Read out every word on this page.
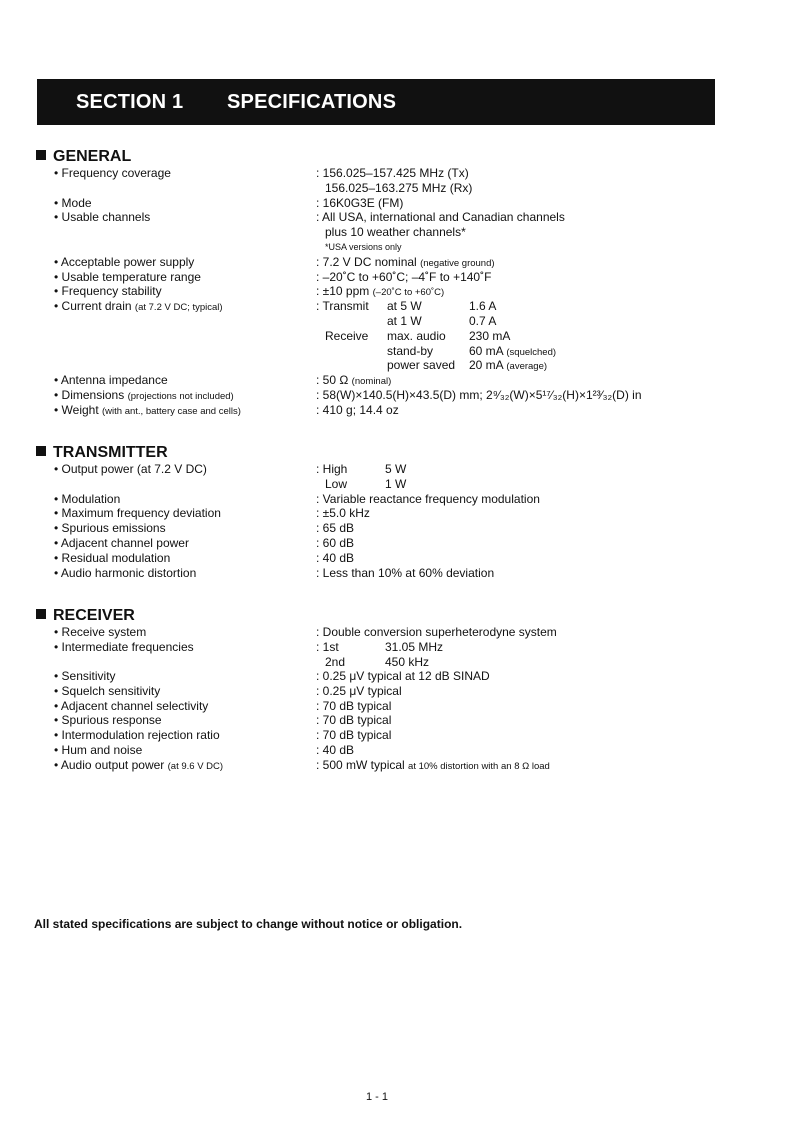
SECTION 1 SPECIFICATIONS
GENERAL
• Frequency coverage	: 156.025–157.425 MHz (Tx)
156.025–163.275 MHz (Rx)
• Mode	: 16K0G3E (FM)
• Usable channels	: All USA, international and Canadian channels
plus 10 weather channels*
*USA versions only
• Acceptable power supply	: 7.2 V DC nominal (negative ground)
• Usable temperature range	: –20˚C to +60˚C; –4˚F to +140˚F
• Frequency stability	: ±10 ppm (–20˚C to +60˚C)
• Current drain (at 7.2 V DC; typical)	: Transmit at 5 W	1.6 A
at 1 W	0.7 A
Receive max. audio 230 mA
stand-by	60 mA (squelched)
power saved 20 mA (average)
• Antenna impedance	: 50 Ω (nominal)
• Dimensions (projections not included)	: 58(W)×140.5(H)×43.5(D) mm; 2⁹⁄₃₂(W)×5¹⁷⁄₃₂(H)×1²³⁄₃₂(D) in
• Weight (with ant., battery case and cells)	: 410 g; 14.4 oz
TRANSMITTER
• Output power (at 7.2 V DC)	: High	5 W
Low	1 W
• Modulation	: Variable reactance frequency modulation
• Maximum frequency deviation	: ±5.0 kHz
• Spurious emissions	: 65 dB
• Adjacent channel power	: 60 dB
• Residual modulation	: 40 dB
• Audio harmonic distortion	: Less than 10% at 60% deviation
RECEIVER
• Receive system	: Double conversion superheterodyne system
• Intermediate frequencies	: 1st	31.05 MHz
2nd	450 kHz
• Sensitivity	: 0.25 μV typical at 12 dB SINAD
• Squelch sensitivity	: 0.25 μV typical
• Adjacent channel selectivity	: 70 dB typical
• Spurious response	: 70 dB typical
• Intermodulation rejection ratio	: 70 dB typical
• Hum and noise	: 40 dB
• Audio output power (at 9.6 V DC)	: 500 mW typical at 10% distortion with an 8 Ω load
All stated specifications are subject to change without notice or obligation.
1 - 1
